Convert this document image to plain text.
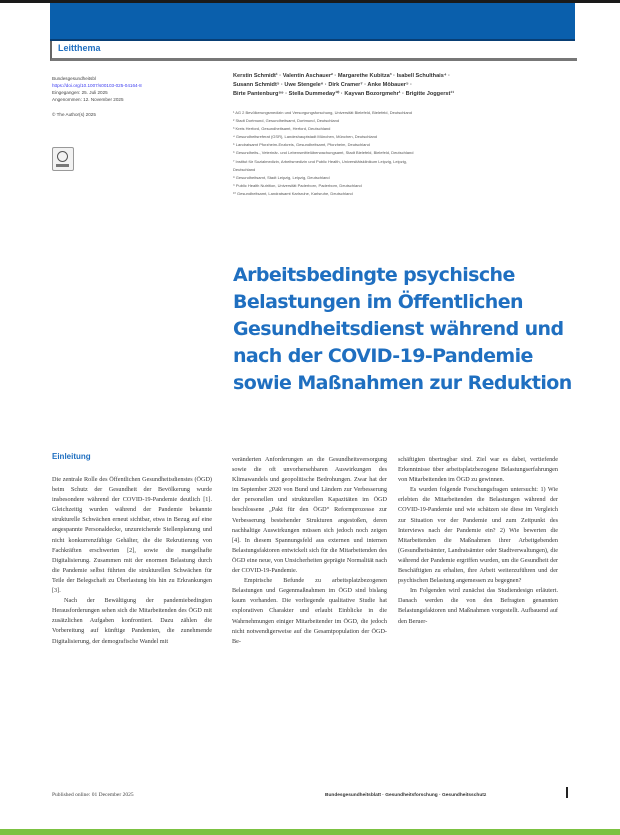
Leitthema
Bundesgesundheitsbl
https://doi.org/10.1007/s00103-025-04164-8
Eingegangen: 25. Juli 2025
Angenommen: 12. November 2025
© The Author(s) 2025
Kerstin Schmidt¹ · Valentin Aschauer² · Margarethe Kubitza³ · Isabell Schulthais⁴ ·
Susann Schmidt⁵ · Uwe Stengele⁶ · Dirk Cramer⁷ · Anke Möbauer⁵ ·
Birte Pantenburg⁸⁹ · Stella Dummeday¹⁰ · Kayvan Bozorgmehr¹ · Brigitte Joggerst¹¹
¹ AG 2 Bevölkerungsmedizin und Versorgungsforschung, Universität Bielefeld, Bielefeld, Deutschland
² Stadt Dortmund, Gesundheitsamt, Dortmund, Deutschland
³ Kreis Herford, Gesundheitsamt, Herford, Deutschland
⁴ Gesundheitsreferat (GSR), Landeshauptstadt München, München, Deutschland
⁵ Landratsamt Pforzheim-Enzkreis, Gesundheitsamt, Pforzheim, Deutschland
⁶ Gesundheits-, Veterinär- und Lebensmittelüberwachungsamt, Stadt Bielefeld, Bielefeld, Deutschland
⁷ Institut für Sozialmedizin, Arbeitsmedizin und Public Health, Universitätsklinikum Leipzig, Leipzig,
Deutschland
⁸ Gesundheitsamt, Stadt Leipzig, Leipzig, Deutschland
⁹ Public Health Nutrition, Universität Paderborn, Paderborn, Deutschland
¹⁰ Gesundheitsamt, Landratsamt Karlsruhe, Karlsruhe, Deutschland
Arbeitsbedingte psychische
Belastungen im Öffentlichen
Gesundheitsdienst während und
nach der COVID-19-Pandemie
sowie Maßnahmen zur Reduktion
Einleitung

Die zentrale Rolle des Öffentlichen Gesundheitsdienstes (ÖGD) beim Schutz der Gesundheit der Bevölkerung wurde insbesondere während der COVID-19-Pandemie deutlich [1]. Gleichzeitig wurden während der Pandemie bekannte strukturelle Schwächen erneut sichtbar, etwa in Bezug auf eine angespannte Personaldecke, unzureichende Stellenplanung und nicht konkurrenzfähige Gehälter, die die Rekrutierung von Fachkräften erschwerten [2], sowie die mangelhafte Digitalisierung. Zusammen mit der enormen Belastung durch die Pandemie selbst führten die strukturellen Schwächen für Teile der Belegschaft zu Überlastung bis hin zu Erkrankungen [3].

Nach der Bewältigung der pandemiebedingten Herausforderungen sehen sich die Mitarbeitenden des ÖGD mit zusätzlichen Aufgaben konfrontiert. Dazu zählen die Vorbereitung auf künftige Pandemien, die zunehmende Digitalisierung, der demografische Wandel mit

veränderten Anforderungen an die Gesundheitsversorgung sowie die oft unvorhersehbaren Auswirkungen des Klimawandels und geopolitische Bedrohungen. Zwar hat der im September 2020 von Bund und Ländern zur Verbesserung der personellen und strukturellen Kapazitäten im ÖGD beschlossene „Pakt für den ÖGD“ Reformprozesse zur Verbesserung bestehender Strukturen angestoßen, deren nachhaltige Auswirkungen müssen sich jedoch noch zeigen [4]. In diesem Spannungsfeld aus externen und internen Belastungsfaktoren entwickelt sich für die Mitarbeitenden des ÖGD eine neue, von Unsicherheiten geprägte Normalität nach der COVID-19-Pandemie.

Empirische Befunde zu arbeitsplatzbezogenen Belastungen und Gegenmaßnahmen im ÖGD sind bislang kaum vorhanden. Die vorliegende qualitative Studie hat explorativen Charakter und erlaubt Einblicke in die Wahrnehmungen einiger Mitarbeitender im ÖGD, die jedoch nicht notwendigerweise auf die Gesamtpopulation der ÖGD-Be-

schäftigten übertragbar sind. Ziel war es dabei, vertiefende Erkenntnisse über arbeitsplatzbezogene Belastungserfahrungen von Mitarbeitenden im ÖGD zu gewinnen.

Es wurden folgende Forschungsfragen untersucht: 1) Wie erlebten die Mitarbeitenden die Belastungen während der COVID-19-Pandemie und wie schätzen sie diese im Vergleich zur Situation vor der Pandemie und zum Zeitpunkt des Interviews nach der Pandemie ein? 2) Wie bewerten die Mitarbeitenden die Maßnahmen ihrer Arbeitgebenden (Gesundheitsämter, Landratsämter oder Stadtverwaltungen), die während der Pandemie ergriffen wurden, um die Gesundheit der Beschäftigten zu erhalten, ihre Arbeit weiterzuführen und der psychischen Belastung angemessen zu begegnen?

Im Folgenden wird zunächst das Studiendesign erläutert. Danach werden die von den Befragten genannten Belastungsfaktoren und Maßnahmen vorgestellt. Aufbauend auf den Beruer-

Published online: 01 December 2025	Bundesgesundheitsblatt · Gesundheitsforschung · Gesundheitsschutz
